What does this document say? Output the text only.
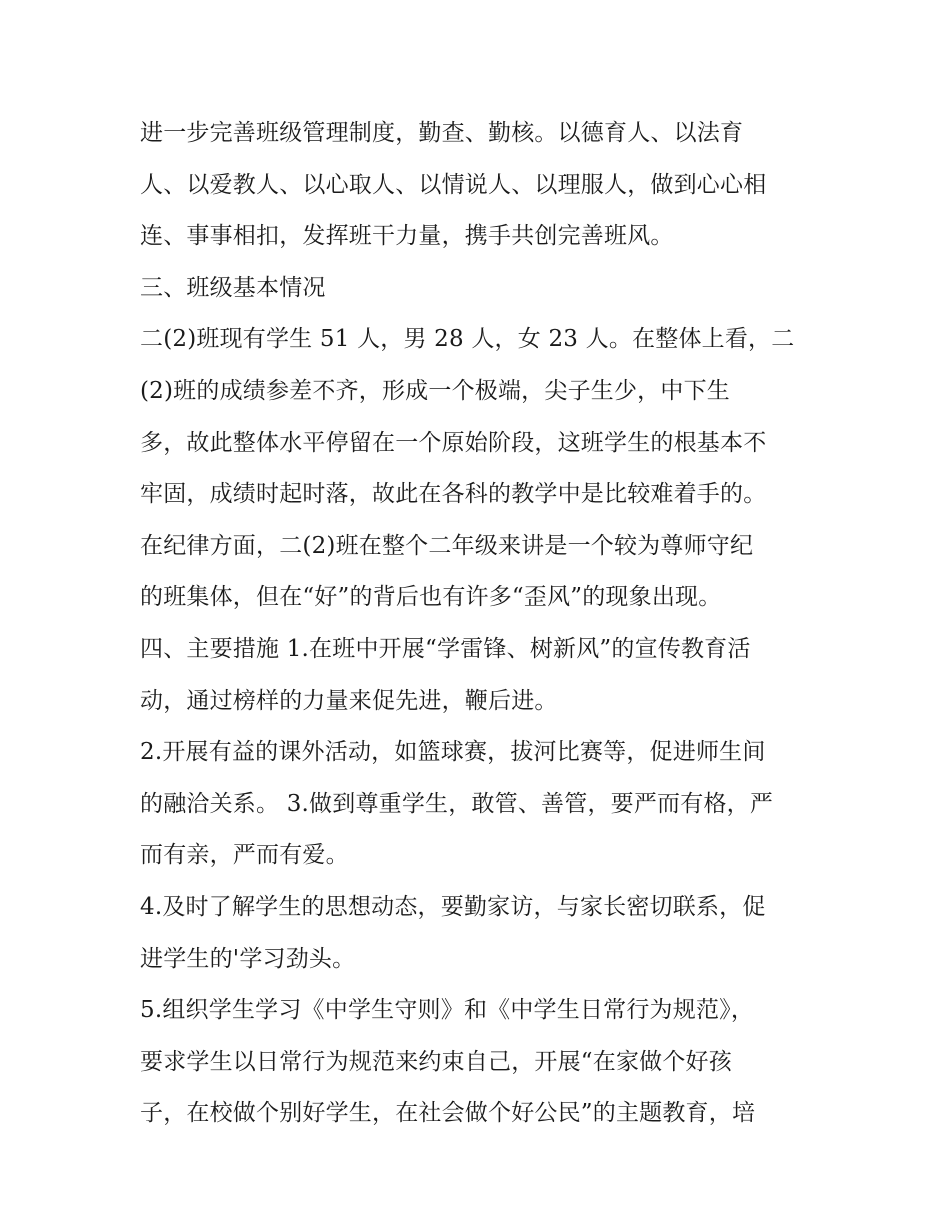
进一步完善班级管理制度，勤查、勤核。以德育人、以法育
人、以爱教人、以心取人、以情说人、以理服人，做到心心相
连、事事相扣，发挥班干力量，携手共创完善班风。
三、班级基本情况
二(2)班现有学生 51 人，男 28 人，女 23 人。在整体上看，二
(2)班的成绩参差不齐，形成一个极端，尖子生少，中下生
多，故此整体水平停留在一个原始阶段，这班学生的根基本不
牢固，成绩时起时落，故此在各科的教学中是比较难着手的。
在纪律方面，二(2)班在整个二年级来讲是一个较为尊师守纪
的班集体，但在“好”的背后也有许多“歪风”的现象出现。
四、主要措施 1.在班中开展“学雷锋、树新风”的宣传教育活
动，通过榜样的力量来促先进，鞭后进。
2.开展有益的课外活动，如篮球赛，拔河比赛等，促进师生间
的融洽关系。 3.做到尊重学生，敢管、善管，要严而有格，严
而有亲，严而有爱。
4.及时了解学生的思想动态，要勤家访，与家长密切联系，促
进学生的'学习劲头。
5.组织学生学习《中学生守则》和《中学生日常行为规范》，
要求学生以日常行为规范来约束自己，开展“在家做个好孩
子，在校做个别好学生，在社会做个好公民”的主题教育，培
